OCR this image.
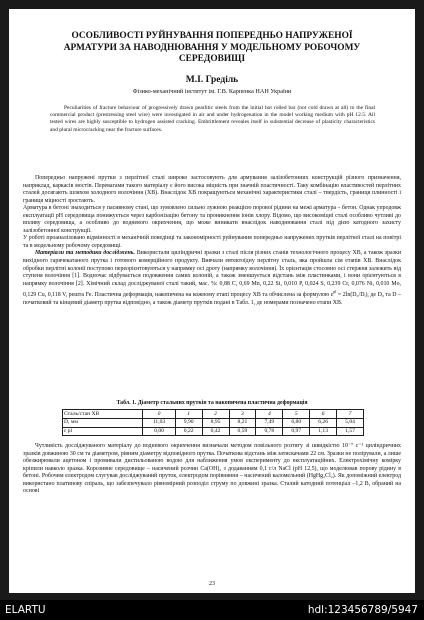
ОСОБЛИВОСТІ РУЙНУВАННЯ ПОПЕРЕДНЬО НАПРУЖЕНОЇ
АРМАТУРИ ЗА НАВОДНЮВАННЯ У МОДЕЛЬНОМУ РОБОЧОМУ
СЕРЕДОВИЩІ
М.І. Греділь
Фізико-механічний інститут ім. Г.В. Карпенка НАН України

Peculiarities of fracture behaviour of progressively drawn pearlitic steels from the initial hot rolled bar (not cold drawn at all) to the final commercial product (prestressing steel wire) were investigated in air and under hydrogenation in the model working medium with pH 12.5. All tested wires are highly susceptible to hydrogen assisted cracking. Embrittlement reveales itself in substential decrease of plasticity characteristics and plural microcracking near the fracture surfaces.

Попередньо напружені прутки з перлітної сталі широко застосовують для армування залізобетонних конструкцій різного призначення, наприклад, каркасів мостів. Перевагами такого матеріалу є його висока міцність при значній пластичності. Таку комбінацію властивостей перлітних сталей досягають шляхом холодного волочіння (ХВ). Внаслідок ХВ покращуються механічні характеристики сталі – твердість, границя плинності і границя міцності зростають.

Арматура в бетоні знаходиться у пасивному стані, що зумовлено сильно лужною реакцією порової рідини на межі арматура – бетон. Однак упродовж експлуатації рН середовища понижується через карбонізацію бетону та проникнення іонів хлору. Відомо, що високоміцні сталі особливо чутливі до впливу середовища, а особливо до водневого окрихчення, що може виникати внаслідок наводнювання сталі під дією катодного захисту залізобетонної конструкції.

У роботі проаналізовано відмінності в механічній поведінці та закономірності руйнування попередньо напружених прутків перлітної сталі на повітрі та в модельному робочому середовищі.

Матеріали та методики досліджень. Використали циліндричні зразки з сталі після різних станів технологічного процесу ХВ, а також зразки вихідного гарячекатаного прутка і готового комерційного продукту. Вивчали евтектоїдну перлітну сталь, яка пройшла сім етапів ХВ. Внаслідок обробки перлітні колонії поступово переорієнтовуються у напрямку осі дроту (напрямку волочіння). Їх орієнтація стосовно осі стержня залежить від ступеня волочіння [1]. Водночас відбувається подовження самих колоній, а також зменшується відстань між пластинками, і вони орієнтуються в напрямку волочіння [2]. Хімічний склад досліджуваної сталі такий, мас. %: 0,88 С, 0,69 Mn, 0,22 Si, 0,010 P, 0,024 S, 0,239 Cr, 0,076 Ni, 0,010 Mo, 0,129 Cu, 0,118 V, решта Fe. Пластична деформація, накопичена на кожному етапі процесу ХВ та обчислена за формулою $\varepsilon^{pl}$ = 2ln(D₀/Dᵢ), де D₀ та D – початковий та кінцевий діаметр прутка відповідно, а також діаметр прутків подані в Табл. 1, де номерами позначено етапи ХВ.

Табл. 1. Діаметр стальних прутків та накопичена пластична деформація
Сталь/стан ХВ	0	1	2	3	4	5	6	7
D, мм	11,03	9,90	8,95	8,21	7,49	6,80	6,26	5,04
ε pl	0,00	0,22	0,42	0,59	0,78	0,97	1,13	1,57

Чутливість досліджуваного матеріалу до водневого окрихчення визначали методом повільного розтягу зі швидкістю 10⁻⁷ с⁻¹ циліндричних зразків довжиною 30 см та діаметром, рівним діаметру відповідного прутка. Початкова відстань між затискачами 22 см. Зразки не полірували, а лише обезжирювали ацетоном і промивали дистильованою водою для наближення умов експерименту до експлуатаційних. Електрохімічну комірку кріпили навколо зразка. Корозивне середовище – насичений розчин Ca(OH)₂ з додаванням 0,1 г/л NaCl (рН 12,5), що моделював порову рідину в бетоні. Робочим електродом слугував досліджуваний пруток, електродом порівняння – насичений каломельний (HgHg₂Cl₂). Як допоміжний електрод використано платинову спіраль, що забезпечувало рівномірний розподіл струму по довжині зразка. Сталий катодний потенціал –1,2 В, обраний на основі

23
ELARTU	hdl:123456789/5947
